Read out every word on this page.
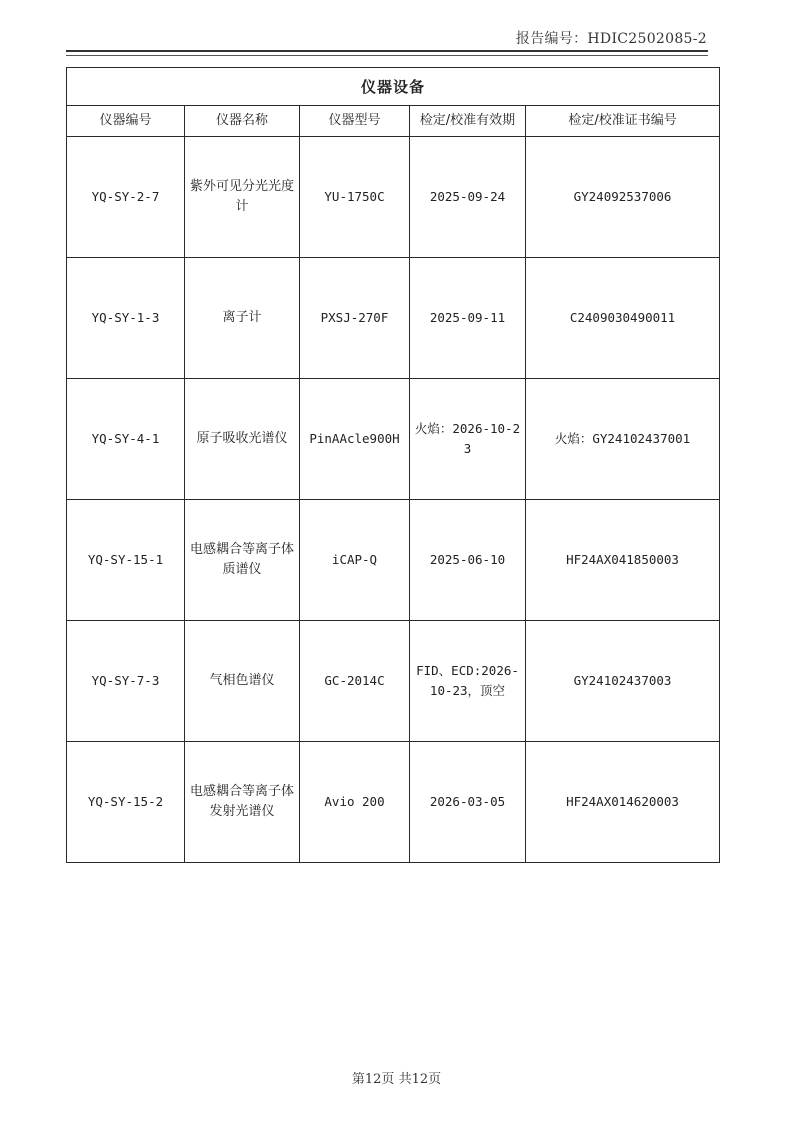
报告编号：HDIC2502085-2
仪器设备				
仪器编号	仪器名称	仪器型号	检定/校准有效期	检定/校准证书编号
YQ-SY-2-7	紫外可见分光光度计	YU-1750C	2025-09-24	GY24092537006
YQ-SY-1-3	离子计	PXSJ-270F	2025-09-11	C2409030490011
YQ-SY-4-1	原子吸收光谱仪	PinAAcle900H	火焰：2026-10-23	火焰：GY24102437001
YQ-SY-15-1	电感耦合等离子体质谱仪	iCAP-Q	2025-06-10	HF24AX041850003
YQ-SY-7-3	气相色谱仪	GC-2014C	FID、ECD:2026-10-23，顶空	GY24102437003
YQ-SY-15-2	电感耦合等离子体发射光谱仪	Avio 200	2026-03-05	HF24AX014620003
第12页 共12页
